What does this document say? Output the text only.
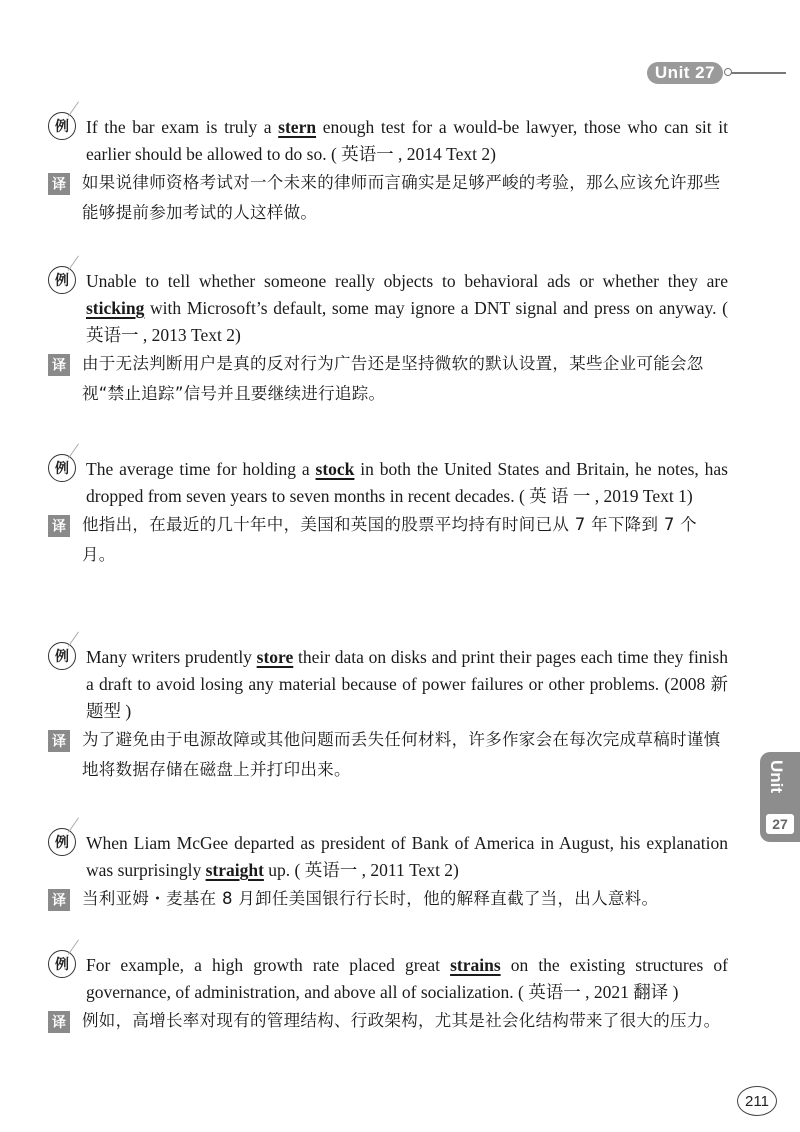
Unit 27
Unit
27
例 If the bar exam is truly a stern enough test for a would-be lawyer, those who can sit it earlier should be allowed to do so. ( 英语一 , 2014 Text 2)

译 如果说律师资格考试对一个未来的律师而言确实是足够严峻的考验，那么应该允许那些能够提前参加考试的人这样做。
例 Unable to tell whether someone really objects to behavioral ads or whether they are sticking with Microsoft’s default, some may ignore a DNT signal and press on anyway. ( 英语一 , 2013 Text 2)

译 由于无法判断用户是真的反对行为广告还是坚持微软的默认设置，某些企业可能会忽视“禁止追踪”信号并且要继续进行追踪。
例 The average time for holding a stock in both the United States and Britain, he notes, has dropped from seven years to seven months in recent decades. ( 英 语 一 , 2019 Text 1)

译 他指出，在最近的几十年中，美国和英国的股票平均持有时间已从 7 年下降到 7 个月。
例 Many writers prudently store their data on disks and print their pages each time they finish a draft to avoid losing any material because of power failures or other problems. (2008 新题型 )

译 为了避免由于电源故障或其他问题而丢失任何材料，许多作家会在每次完成草稿时谨慎地将数据存储在磁盘上并打印出来。
例 When Liam McGee departed as president of Bank of America in August, his explanation was surprisingly straight up. ( 英语一 , 2011 Text 2)

译 当利亚姆・麦基在 8 月卸任美国银行行长时，他的解释直截了当，出人意料。
例 For example, a high growth rate placed great strains on the existing structures of governance, of administration, and above all of socialization. ( 英语一 , 2021 翻译 )

译 例如，高增长率对现有的管理结构、行政架构，尤其是社会化结构带来了很大的压力。
211
